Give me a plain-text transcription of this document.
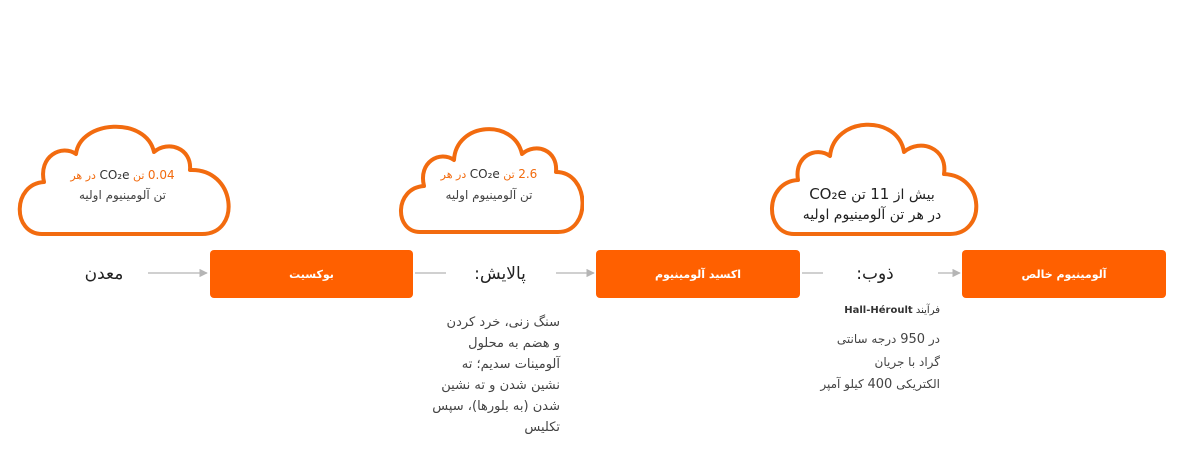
0.04 تن CO₂e در هر
تن آلومینیوم اولیه
2.6 تن CO₂e در هر
تن آلومینیوم اولیه	بیش از 11 تن CO₂e
در هر تن آلومینیوم اولیه
معدن	بوکسیت	پالایش:	اکسید آلومینیوم	ذوب:	آلومینیوم خالص
سنگ زنی، خرد کردن
و هضم به محلول
آلومینات سدیم؛ ته
نشین شدن و ته نشین
شدن (به بلورها)، سپس
تکلیس
فرآیند Hall-Héroult
در 950 درجه سانتی
گراد با جریان
الکتریکی 400 کیلو آمپر
